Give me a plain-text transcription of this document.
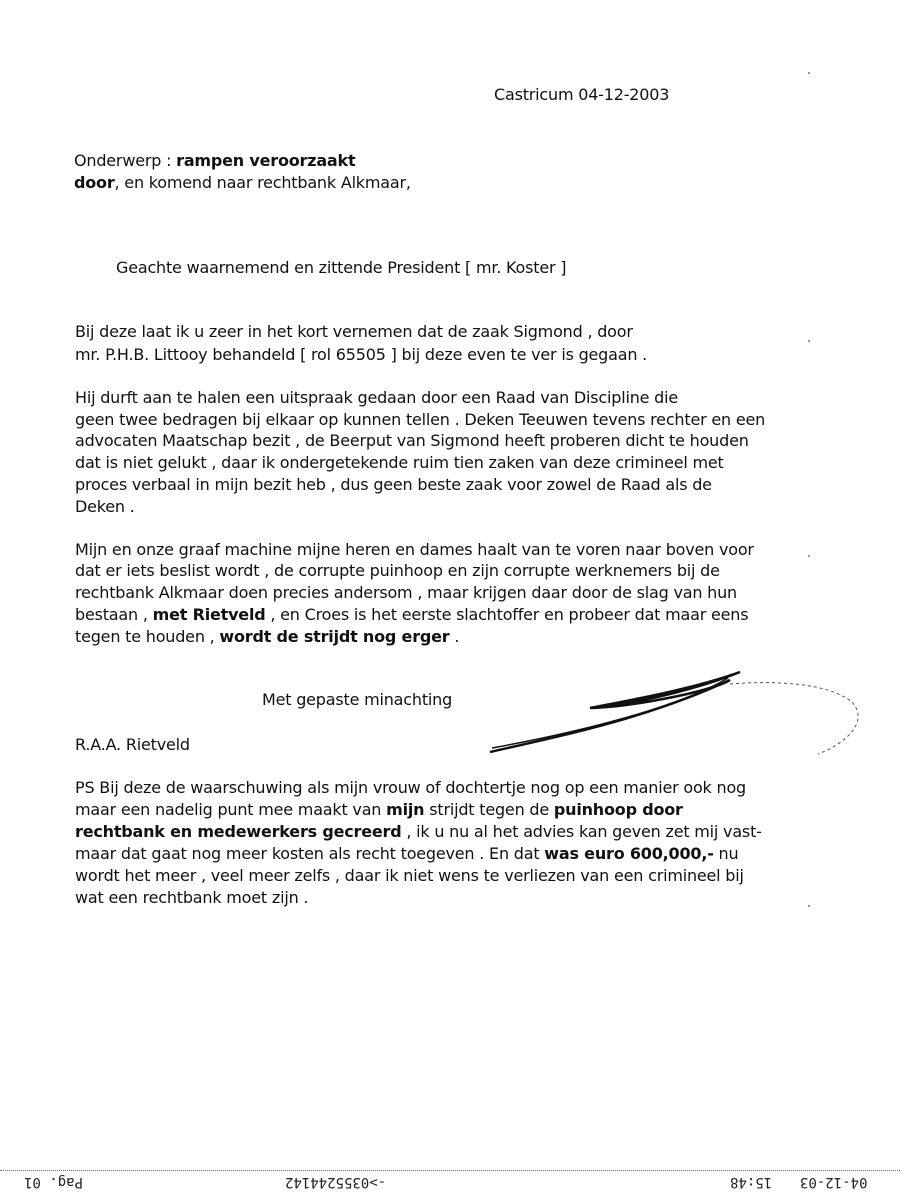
Castricum 04-12-2003
Onderwerp : rampen veroorzaakt
door, en komend naar rechtbank Alkmaar,
Geachte waarnemend en zittende President [ mr. Koster ]
Bij deze laat ik u zeer in het kort vernemen dat de zaak Sigmond , door
mr. P.H.B. Littooy behandeld [ rol 65505 ] bij deze even te ver is gegaan .
Hij durft aan te halen een uitspraak gedaan door een Raad van Discipline die
geen twee bedragen bij elkaar op kunnen tellen . Deken Teeuwen tevens rechter en een
advocaten Maatschap bezit , de Beerput van Sigmond heeft proberen dicht te houden
dat is niet gelukt , daar ik ondergetekende ruim tien zaken van deze crimineel met
proces verbaal in mijn bezit heb , dus geen beste zaak voor zowel de Raad als de
Deken .
Mijn en onze graaf machine mijne heren en dames haalt van te voren naar boven voor
dat er iets beslist wordt , de corrupte puinhoop en zijn corrupte werknemers bij de
rechtbank Alkmaar doen precies andersom , maar krijgen daar door de slag van hun
bestaan , met Rietveld , en Croes is het eerste slachtoffer en probeer dat maar eens
tegen te houden , wordt de strijdt nog erger .
Met gepaste minachting
R.A.A. Rietveld
PS Bij deze de waarschuwing als mijn vrouw of dochtertje nog op een manier ook nog
maar een nadelig punt mee maakt van mijn strijdt tegen de puinhoop door
rechtbank en medewerkers gecreerd , ik u nu al het advies kan geven zet mij vast-
maar dat gaat nog meer kosten als recht toegeven . En dat was euro 600,000,- nu
wordt het meer , veel meer zelfs , daar ik niet wens te verliezen van een crimineel bij
wat een rechtbank moet zijn .
Pag. 01	->0355244142	15:48 04-12-03
